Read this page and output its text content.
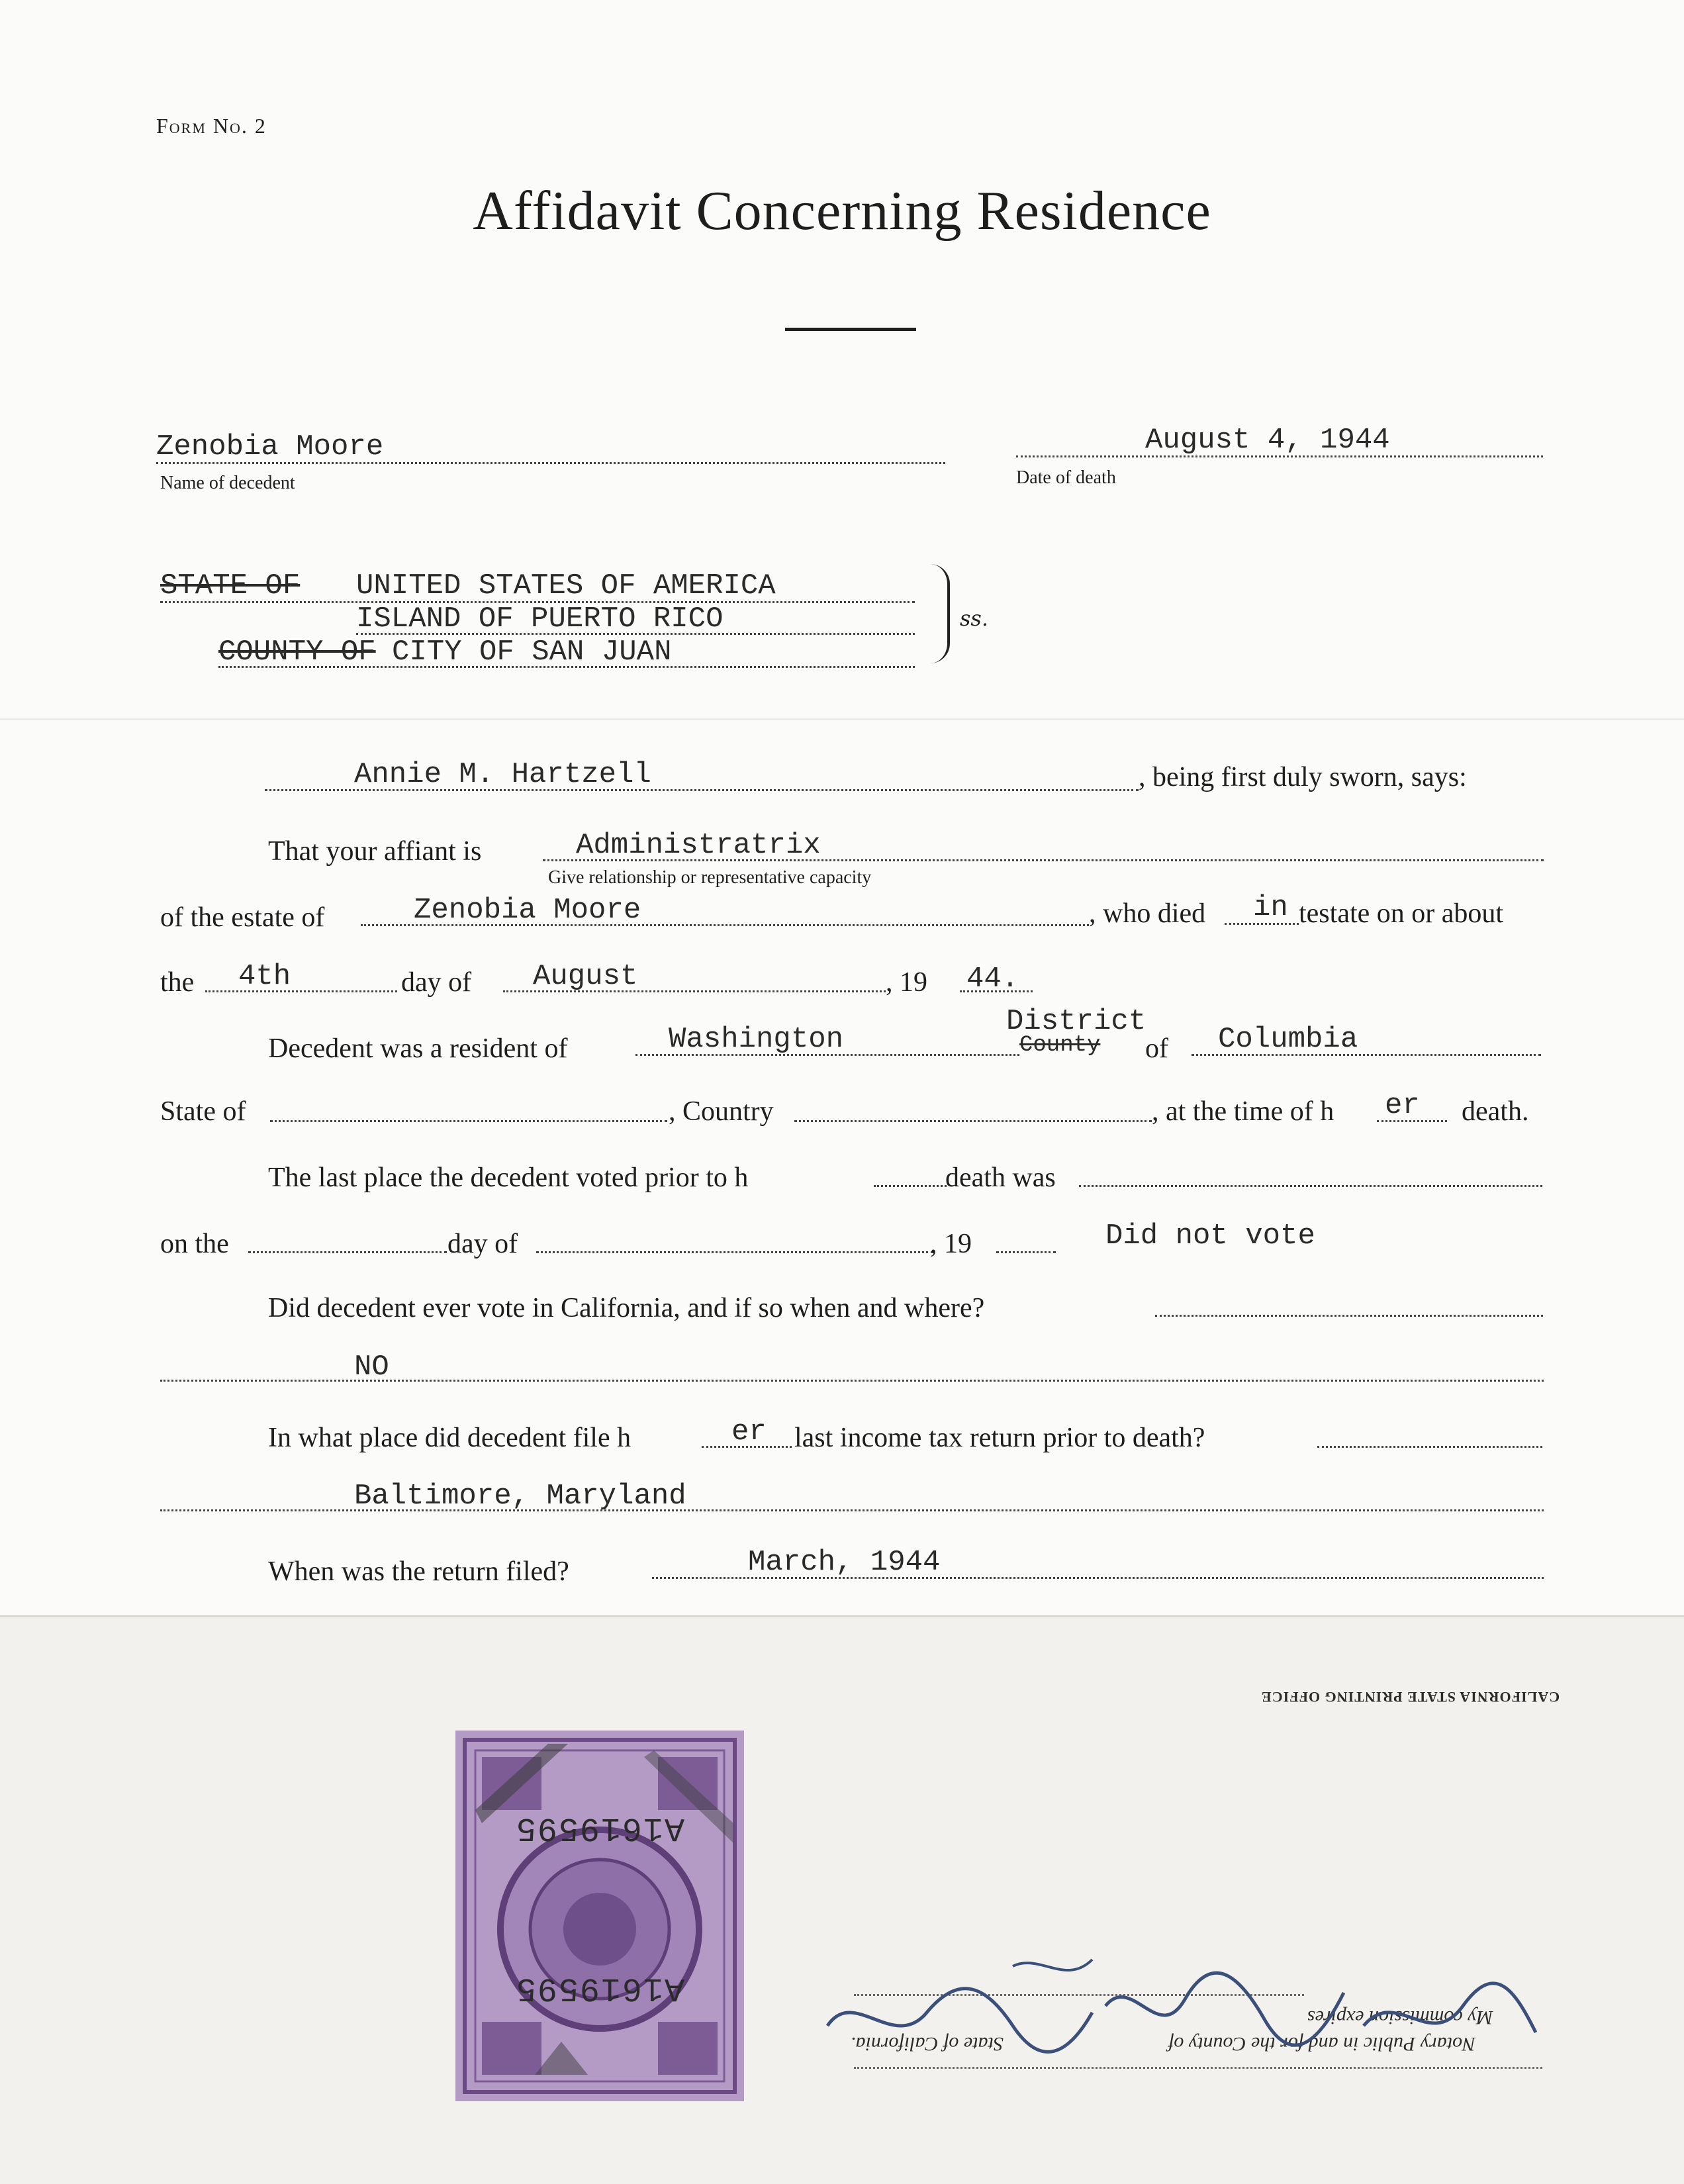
Form No. 2
Affidavit Concerning Residence
Zenobia Moore
Name of decedent
August 4, 1944
Date of death
STATE OF UNITED STATES OF AMERICA
ISLAND OF PUERTO RICO
COUNTY OF CITY OF SAN JUAN
ss.
Annie M. Hartzell	, being first duly sworn, says:
That your affiant is	Administratrix
Give relationship or representative capacity
of the estate of	Zenobia Moore	, who died in testate on or about
the 4th	day of August	, 19 44.
Decedent was a resident of	Washington
District
County of Columbia
State of	, Country	, at the time of h er death.
The last place the decedent voted prior to h	death was
on the	day of	, 19	Did not vote
Did decedent ever vote in California, and if so when and where?
NO
In what place did decedent file h	er last income tax return prior to death?
Baltimore, Maryland
When was the return filed?	March, 1944
CALIFORNIA STATE PRINTING OFFICE
My commission expires
Notary Public in and for the County of
State of California.
A1619595
A1619595
